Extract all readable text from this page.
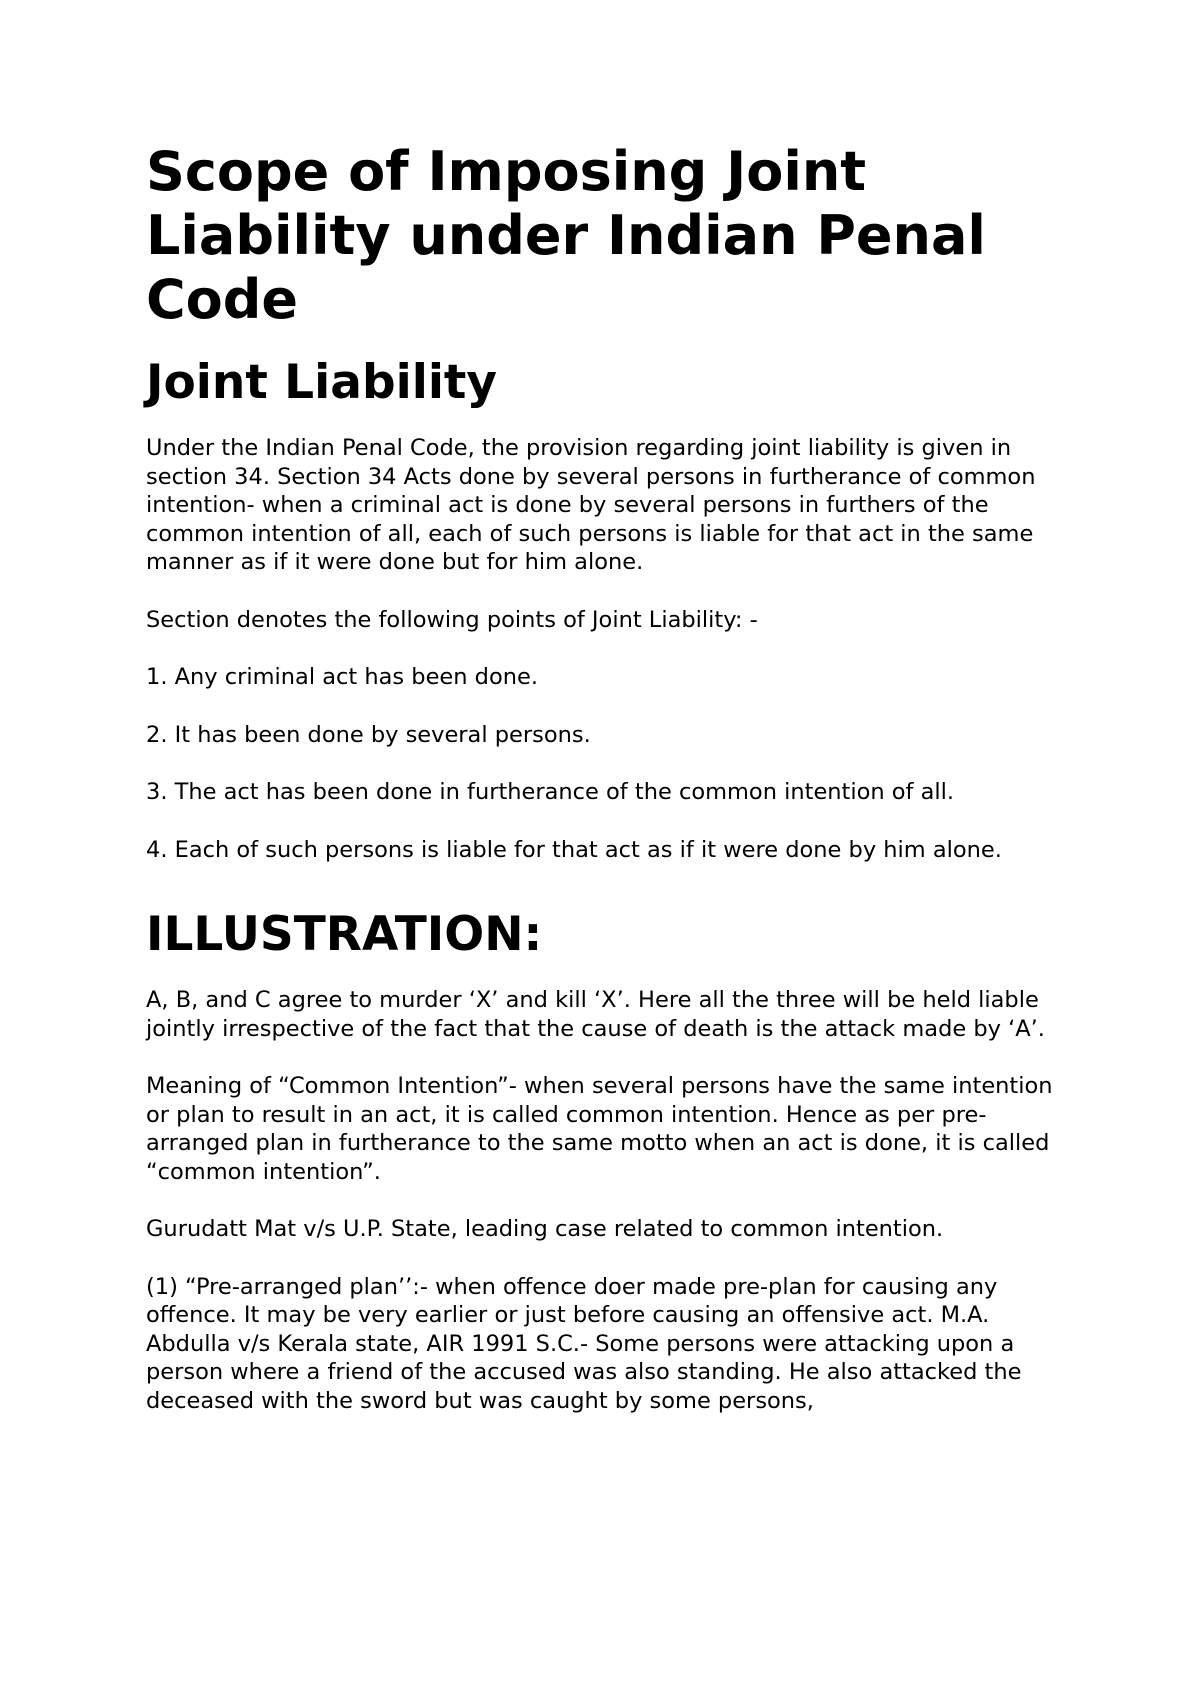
Scope of Imposing Joint Liability under Indian Penal Code
Joint Liability

Under the Indian Penal Code, the provision regarding joint liability is given in section 34. Section 34 Acts done by several persons in furtherance of common intention- when a criminal act is done by several persons in furthers of the common intention of all, each of such persons is liable for that act in the same manner as if it were done but for him alone.

Section denotes the following points of Joint Liability: -

1. Any criminal act has been done.

2. It has been done by several persons.

3. The act has been done in furtherance of the common intention of all.

4. Each of such persons is liable for that act as if it were done by him alone.

ILLUSTRATION:

A, B, and C agree to murder ‘X’ and kill ‘X’. Here all the three will be held liable jointly irrespective of the fact that the cause of death is the attack made by ‘A’.

Meaning of “Common Intention”- when several persons have the same intention or plan to result in an act, it is called common intention. Hence as per pre-arranged plan in furtherance to the same motto when an act is done, it is called “common intention”.

Gurudatt Mat v/s U.P. State, leading case related to common intention.

(1) “Pre-arranged plan’’:- when offence doer made pre-plan for causing any offence. It may be very earlier or just before causing an offensive act. M.A. Abdulla v/s Kerala state, AIR 1991 S.C.- Some persons were attacking upon a person where a friend of the accused was also standing. He also attacked the deceased with the sword but was caught by some persons,
